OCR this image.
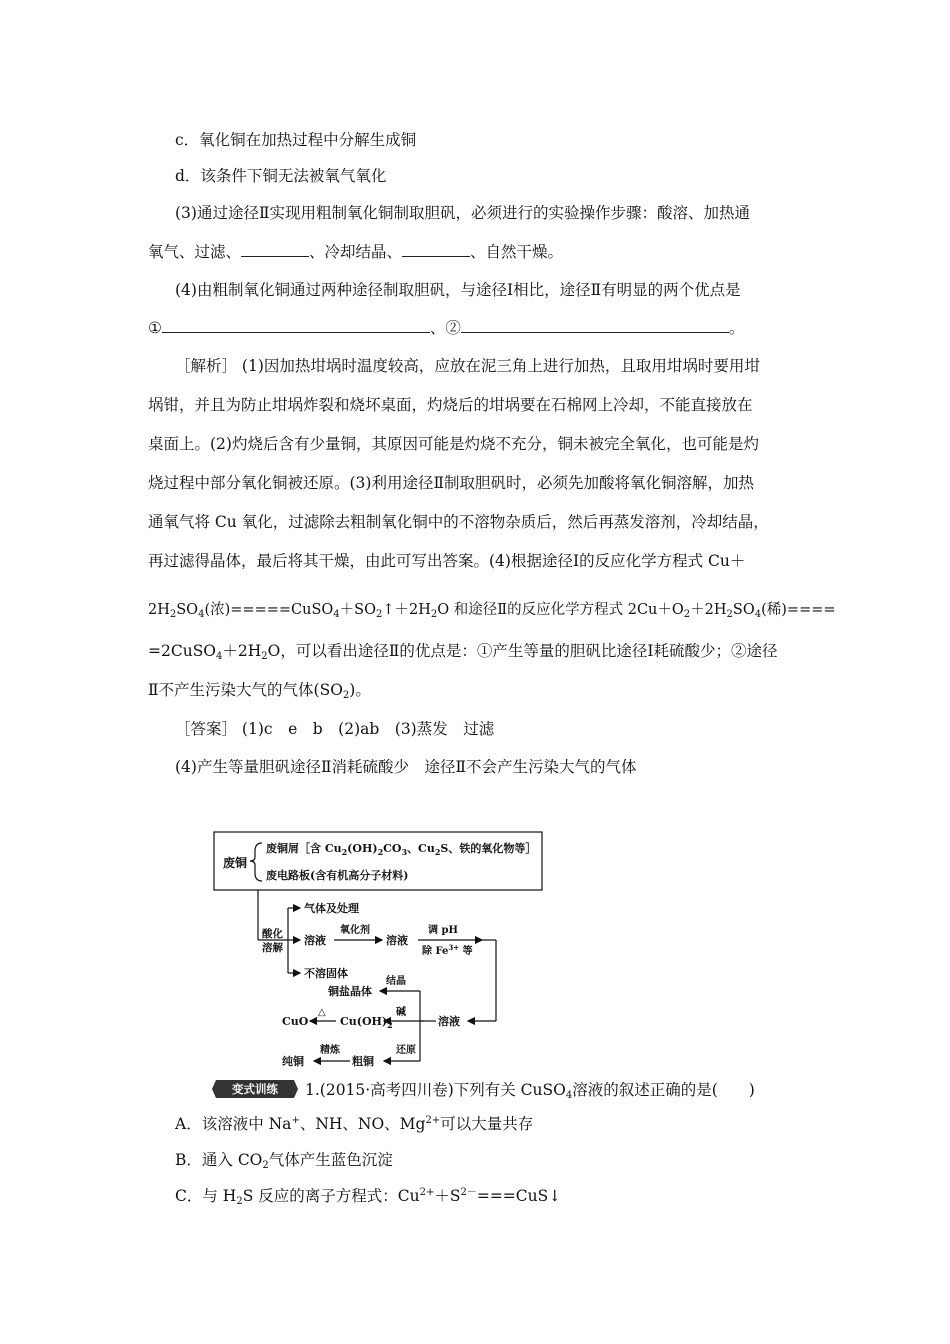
c．氧化铜在加热过程中分解生成铜
d．该条件下铜无法被氧气氧化
(3)通过途径Ⅱ实现用粗制氧化铜制取胆矾，必须进行的实验操作步骤：酸溶、加热通
氧气、过滤、	、冷却结晶、	、自然干燥。
(4)由粗制氧化铜通过两种途径制取胆矾，与途径Ⅰ相比，途径Ⅱ有明显的两个优点是
①	、②	。
［解析］ (1)因加热坩埚时温度较高，应放在泥三角上进行加热，且取用坩埚时要用坩
埚钳，并且为防止坩埚炸裂和烧坏桌面，灼烧后的坩埚要在石棉网上冷却，不能直接放在
桌面上。(2)灼烧后含有少量铜，其原因可能是灼烧不充分，铜未被完全氧化，也可能是灼
烧过程中部分氧化铜被还原。(3)利用途径Ⅱ制取胆矾时，必须先加酸将氧化铜溶解，加热
通氧气将 Cu 氧化，过滤除去粗制氧化铜中的不溶物杂质后，然后再蒸发溶剂，冷却结晶，
再过滤得晶体，最后将其干燥，由此可写出答案。(4)根据途径Ⅰ的反应化学方程式 Cu＋
$2H_2SO_4$(浓)$=====CuSO_4+SO_2↑+2H_2O$ 和途径Ⅱ的反应化学方程式 $2Cu+O_2+2H_2SO_4$(稀)====
$=2CuSO_4+2H_2O$，可以看出途径Ⅱ的优点是：①产生等量的胆矾比途径Ⅰ耗硫酸少；②途径
Ⅱ不产生污染大气的气体$(SO_2)$。
［答案］ (1)c　e　b　(2)ab　(3)蒸发　过滤
(4)产生等量胆矾途径Ⅱ消耗硫酸少　途径Ⅱ不会产生污染大气的气体
废铜
废铜屑［含 $Cu_2(OH)_2CO_3$、$Cu_2S$、铁的氧化物等］
废电路板(含有机高分子材料)
酸化
溶解
气体及处理
溶液
不溶固体
氧化剂
溶液
调 pH
除 $Fe^{3+}$ 等
溶液
结晶
铜盐晶体
碱
$Cu(OH)_2$
△
CuO
还原
粗铜
精炼
纯铜
变式训练 1.(2015·高考四川卷)下列有关 CuSO$_4$溶液的叙述正确的是(　　)
A．该溶液中 Na+、NH、NO、$Mg^{2+}$可以大量共存
B．通入 $CO_2$气体产生蓝色沉淀
C．与 $H_2S$ 反应的离子方程式：$Cu^{2+}+S^{2-}===CuS↓$
